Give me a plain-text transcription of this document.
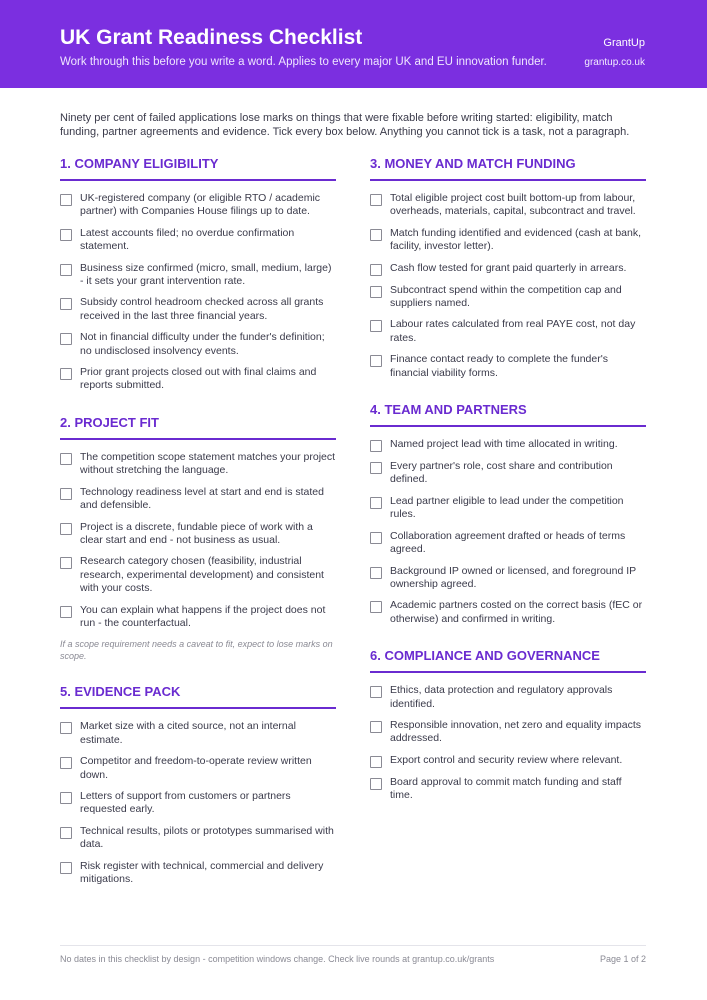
UK Grant Readiness Checklist
Work through this before you write a word. Applies to every major UK and EU innovation funder.
GrantUp
grantup.co.uk

Ninety per cent of failed applications lose marks on things that were fixable before writing started: eligibility, match funding, partner agreements and evidence. Tick every box below. Anything you cannot tick is a task, not a paragraph.

1. COMPANY ELIGIBILITY
UK-registered company (or eligible RTO / academic partner) with Companies House filings up to date.
Latest accounts filed; no overdue confirmation statement.
Business size confirmed (micro, small, medium, large) - it sets your grant intervention rate.
Subsidy control headroom checked across all grants received in the last three financial years.
Not in financial difficulty under the funder's definition; no undisclosed insolvency events.
Prior grant projects closed out with final claims and reports submitted.
2. PROJECT FIT
The competition scope statement matches your project without stretching the language.
Technology readiness level at start and end is stated and defensible.
Project is a discrete, fundable piece of work with a clear start and end - not business as usual.
Research category chosen (feasibility, industrial research, experimental development) and consistent with your costs.
You can explain what happens if the project does not run - the counterfactual.

If a scope requirement needs a caveat to fit, expect to lose marks on scope.

5. EVIDENCE PACK
Market size with a cited source, not an internal estimate.
Competitor and freedom-to-operate review written down.
Letters of support from customers or partners requested early.
Technical results, pilots or prototypes summarised with data.
Risk register with technical, commercial and delivery mitigations.
3. MONEY AND MATCH FUNDING
Total eligible project cost built bottom-up from labour, overheads, materials, capital, subcontract and travel.
Match funding identified and evidenced (cash at bank, facility, investor letter).
Cash flow tested for grant paid quarterly in arrears.
Subcontract spend within the competition cap and suppliers named.
Labour rates calculated from real PAYE cost, not day rates.
Finance contact ready to complete the funder's financial viability forms.
4. TEAM AND PARTNERS
Named project lead with time allocated in writing.
Every partner's role, cost share and contribution defined.
Lead partner eligible to lead under the competition rules.
Collaboration agreement drafted or heads of terms agreed.
Background IP owned or licensed, and foreground IP ownership agreed.
Academic partners costed on the correct basis (fEC or otherwise) and confirmed in writing.
6. COMPLIANCE AND GOVERNANCE
Ethics, data protection and regulatory approvals identified.
Responsible innovation, net zero and equality impacts addressed.
Export control and security review where relevant.
Board approval to commit match funding and staff time.
No dates in this checklist by design - competition windows change. Check live rounds at grantup.co.uk/grants	Page 1 of 2
